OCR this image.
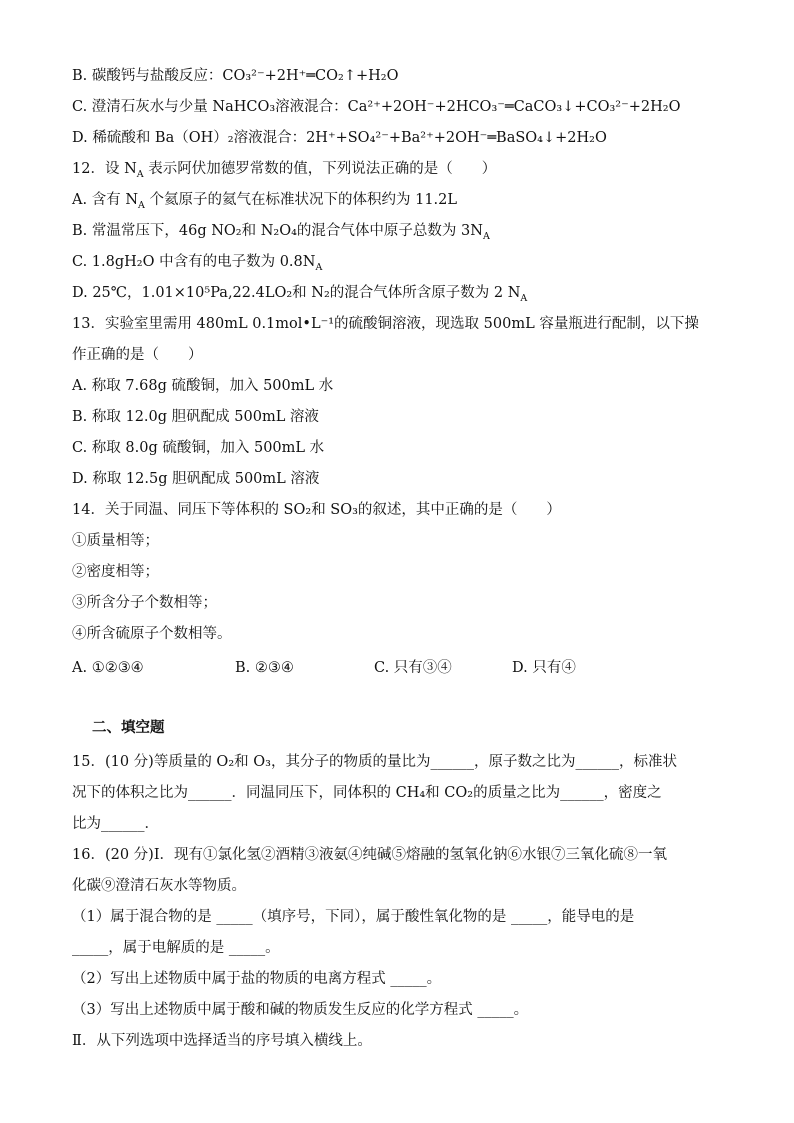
B. 碳酸钙与盐酸反应：CO₃²⁻+2H⁺═CO₂↑+H₂O
C. 澄清石灰水与少量 NaHCO₃溶液混合：Ca²⁺+2OH⁻+2HCO₃⁻═CaCO₃↓+CO₃²⁻+2H₂O
D. 稀硫酸和 Ba（OH）₂溶液混合：2H⁺+SO₄²⁻+Ba²⁺+2OH⁻═BaSO₄↓+2H₂O
12．设 $N_A$ 表示阿伏加德罗常数的值，下列说法正确的是（　　）
A. 含有 $N_A$ 个氦原子的氦气在标准状况下的体积约为 11.2L
B. 常温常压下，46g NO₂和 N₂O₄的混合气体中原子总数为 $3N_A$
C. 1.8gH₂O 中含有的电子数为 $0.8N_A$
D. 25℃，1.01×10⁵Pa,22.4LO₂和 N₂的混合气体所含原子数为 2 $N_A$
13．实验室里需用 480mL 0.1mol•L⁻¹的硫酸铜溶液，现选取 500mL 容量瓶进行配制，以下操
作正确的是（　　）
A. 称取 7.68g 硫酸铜，加入 500mL 水
B. 称取 12.0g 胆矾配成 500mL 溶液
C. 称取 8.0g 硫酸铜，加入 500mL 水
D. 称取 12.5g 胆矾配成 500mL 溶液
14．关于同温、同压下等体积的 SO₂和 SO₃的叙述，其中正确的是（　　）
①质量相等；
②密度相等；
③所含分子个数相等；
④所含硫原子个数相等。
A. ①②③④	B. ②③④	C. 只有③④	D. 只有④
二、填空题
15．(10 分)等质量的 O₂和 O₃，其分子的物质的量比为______，原子数之比为______，标准状
况下的体积之比为______．同温同压下，同体积的 CH₄和 CO₂的质量之比为______，密度之
比为______．
16．(20 分)Ⅰ．现有①氯化氢②酒精③液氨④纯碱⑤熔融的氢氧化钠⑥水银⑦三氧化硫⑧一氧
化碳⑨澄清石灰水等物质。
（1）属于混合物的是 _____（填序号，下同），属于酸性氧化物的是 _____，能导电的是
_____，属于电解质的是 _____。
（2）写出上述物质中属于盐的物质的电离方程式 _____。
（3）写出上述物质中属于酸和碱的物质发生反应的化学方程式 _____。
Ⅱ．从下列选项中选择适当的序号填入横线上。
